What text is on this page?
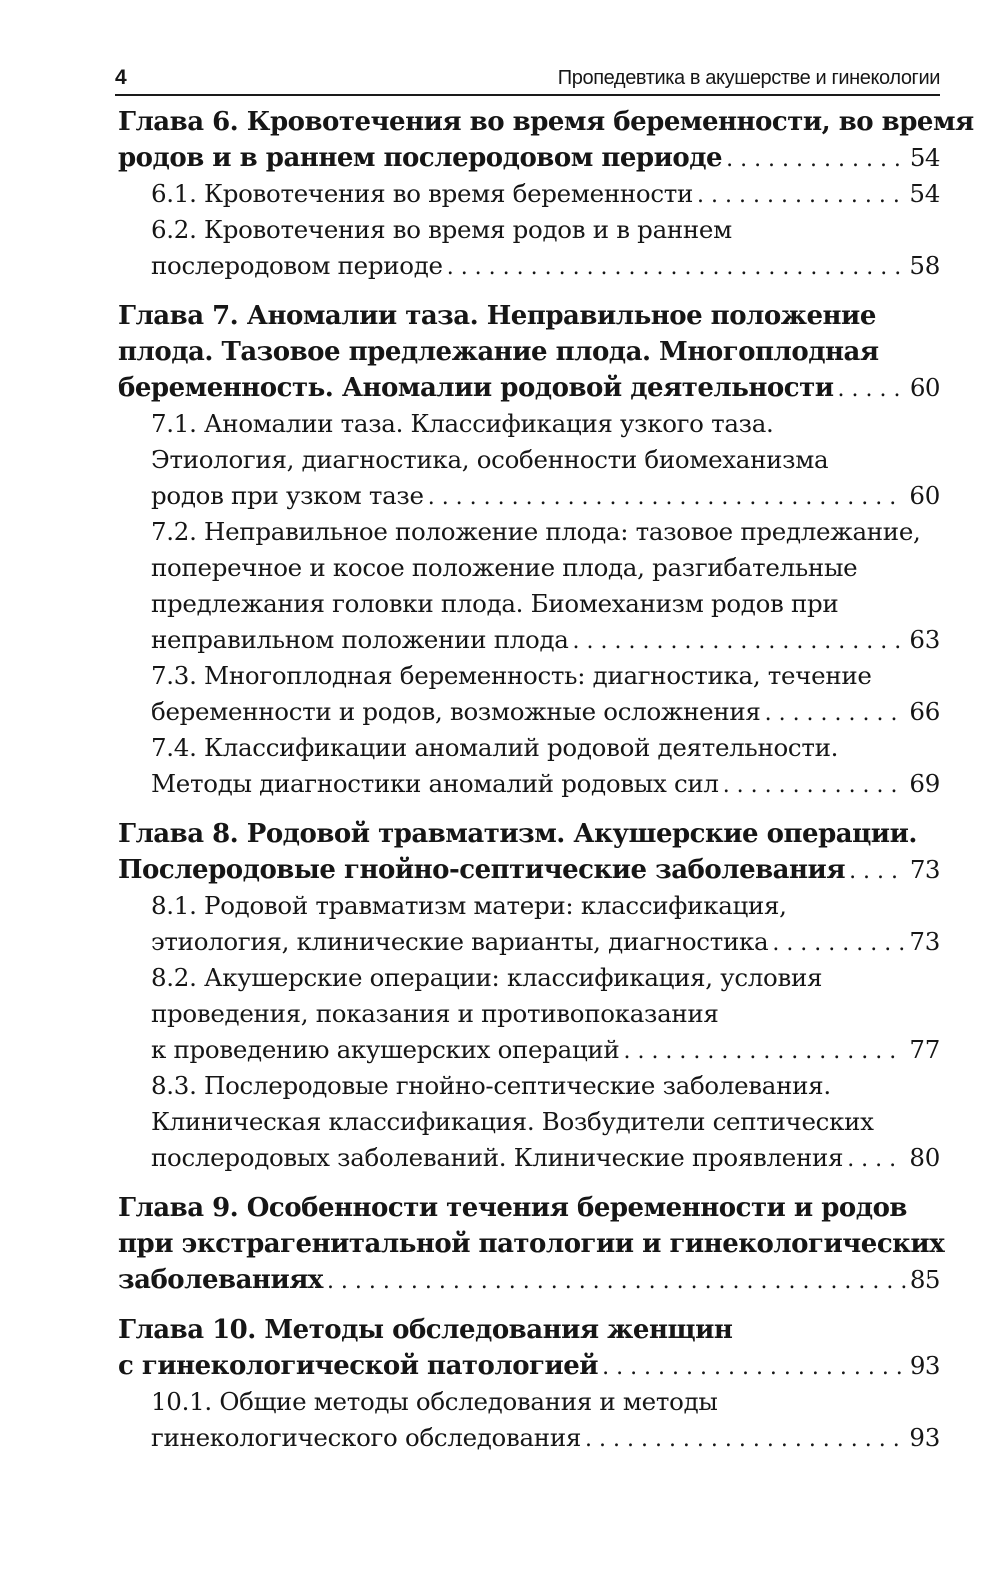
4	Пропедевтика в акушерстве и гинекологии
Глава 6. Кровотечения во время беременности, во время
родов и в раннем послеродовом периоде . . .	54
6.1. Кровотечения во время беременности . . .	54
6.2. Кровотечения во время родов и в раннем
послеродовом периоде . . .	58
Глава 7. Аномалии таза. Неправильное положение
плода. Тазовое предлежание плода. Многоплодная
беременность. Аномалии родовой деятельности . . .	60
7.1. Аномалии таза. Классификация узкого таза.
Этиология, диагностика, особенности биомеханизма
родов при узком тазе . . .	60
7.2. Неправильное положение плода: тазовое предлежание,
поперечное и косое положение плода, разгибательные
предлежания головки плода. Биомеханизм родов при
неправильном положении плода . . .	63
7.3. Многоплодная беременность: диагностика, течение
беременности и родов, возможные осложнения . . .	66
7.4. Классификации аномалий родовой деятельности.
Методы диагностики аномалий родовых сил . . .	69
Глава 8. Родовой травматизм. Акушерские операции.
Послеродовые гнойно-септические заболевания . . .	73
8.1. Родовой травматизм матери: классификация,
этиология, клинические варианты, диагностика . . .	73
8.2. Акушерские операции: классификация, условия
проведения, показания и противопоказания
к проведению акушерских операций . . .	77
8.3. Послеродовые гнойно-септические заболевания.
Клиническая классификация. Возбудители септических
послеродовых заболеваний. Клинические проявления . . .	80
Глава 9. Особенности течения беременности и родов
при экстрагенитальной патологии и гинекологических
заболеваниях . . .	85
Глава 10. Методы обследования женщин
с гинекологической патологией . . .	93
10.1. Общие методы обследования и методы
гинекологического обследования . . .	93
